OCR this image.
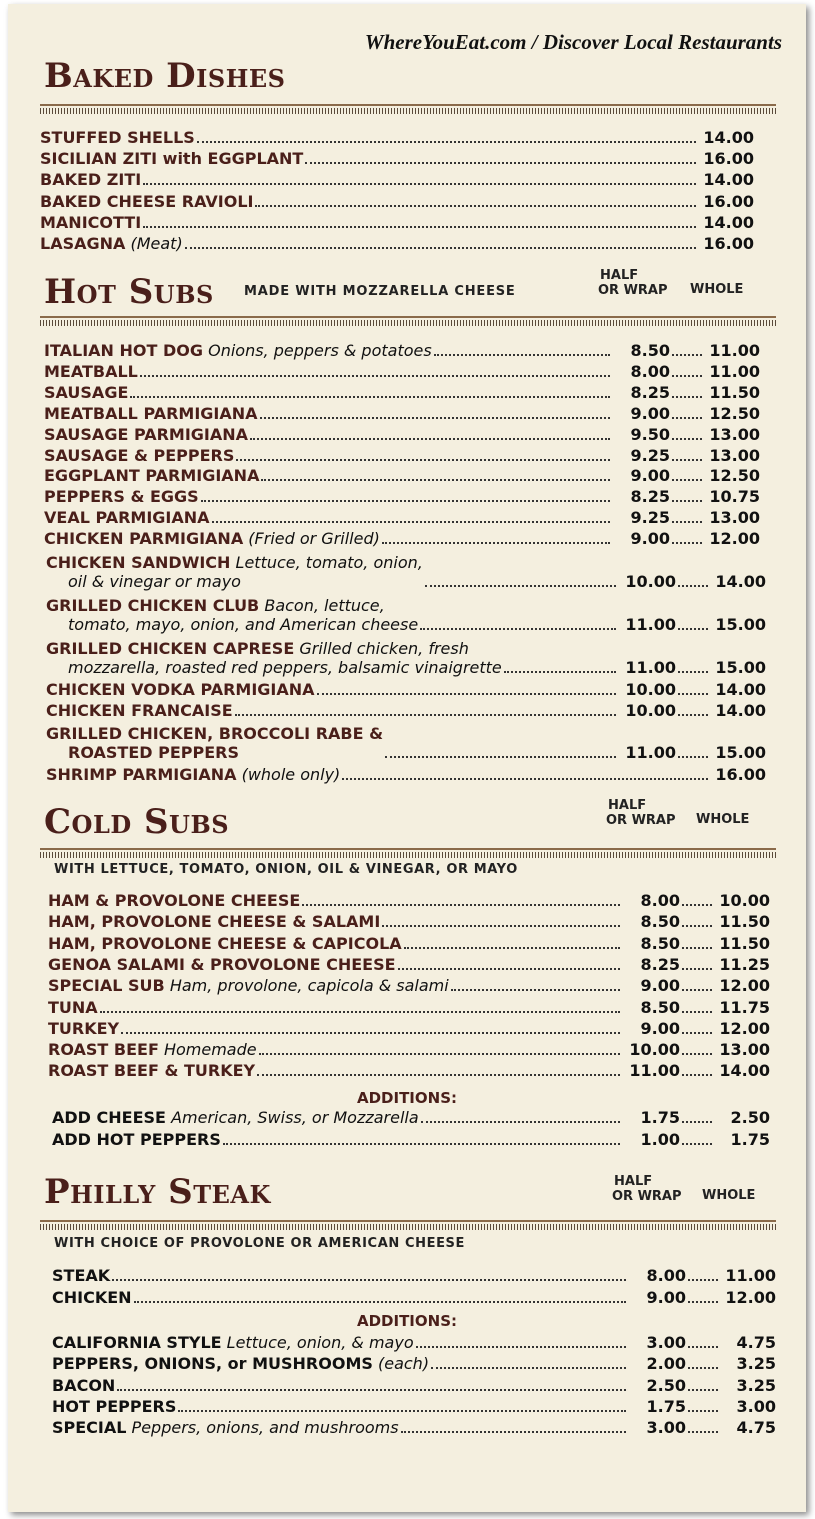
WhereYouEat.com / Discover Local Restaurants
Baked Dishes
STUFFED SHELLS	14.00
SICILIAN ZITI with EGGPLANT	16.00
BAKED ZITI	14.00
BAKED CHEESE RAVIOLI	16.00
MANICOTTI	14.00
LASAGNA (Meat)	16.00
Hot Subs MADE WITH MOZZARELLA CHEESE
HALF
OR WRAP WHOLE
ITALIAN HOT DOG Onions, peppers & potatoes	8.50	11.00
MEATBALL	8.00	11.00
SAUSAGE	8.25	11.50
MEATBALL PARMIGIANA	9.00	12.50
SAUSAGE PARMIGIANA	9.50	13.00
SAUSAGE & PEPPERS	9.25	13.00
EGGPLANT PARMIGIANA	9.00	12.50
PEPPERS & EGGS	8.25	10.75
VEAL PARMIGIANA	9.25	13.00
CHICKEN PARMIGIANA (Fried or Grilled)	9.00	12.00
CHICKEN SANDWICH Lettuce, tomato, onion,
oil & vinegar or mayo	10.00	14.00
GRILLED CHICKEN CLUB Bacon, lettuce,
tomato, mayo, onion, and American cheese	11.00	15.00
GRILLED CHICKEN CAPRESE Grilled chicken, fresh
mozzarella, roasted red peppers, balsamic vinaigrette	11.00	15.00
CHICKEN VODKA PARMIGIANA	10.00	14.00
CHICKEN FRANCAISE	10.00	14.00
GRILLED CHICKEN, BROCCOLI RABE &
ROASTED PEPPERS	11.00	15.00
SHRIMP PARMIGIANA (whole only)	16.00
Cold Subs	HALF
OR WRAP WHOLE
WITH LETTUCE, TOMATO, ONION, OIL & VINEGAR, OR MAYO
HAM & PROVOLONE CHEESE	8.00	10.00
HAM, PROVOLONE CHEESE & SALAMI	8.50	11.50
HAM, PROVOLONE CHEESE & CAPICOLA	8.50	11.50
GENOA SALAMI & PROVOLONE CHEESE	8.25	11.25
SPECIAL SUB Ham, provolone, capicola & salami	9.00	12.00
TUNA	8.50	11.75
TURKEY	9.00	12.00
ROAST BEEF Homemade	10.00	13.00
ROAST BEEF & TURKEY	11.00	14.00
ADDITIONS:
ADD CHEESE American, Swiss, or Mozzarella	1.75	2.50
ADD HOT PEPPERS	1.00	1.75
Philly Steak	HALF
OR WRAP WHOLE
WITH CHOICE OF PROVOLONE OR AMERICAN CHEESE
STEAK	8.00	11.00
CHICKEN	9.00	12.00
ADDITIONS:
CALIFORNIA STYLE Lettuce, onion, & mayo	3.00	4.75
PEPPERS, ONIONS, or MUSHROOMS (each)	2.00	3.25
BACON	2.50	3.25
HOT PEPPERS	1.75	3.00
SPECIAL Peppers, onions, and mushrooms	3.00	4.75
